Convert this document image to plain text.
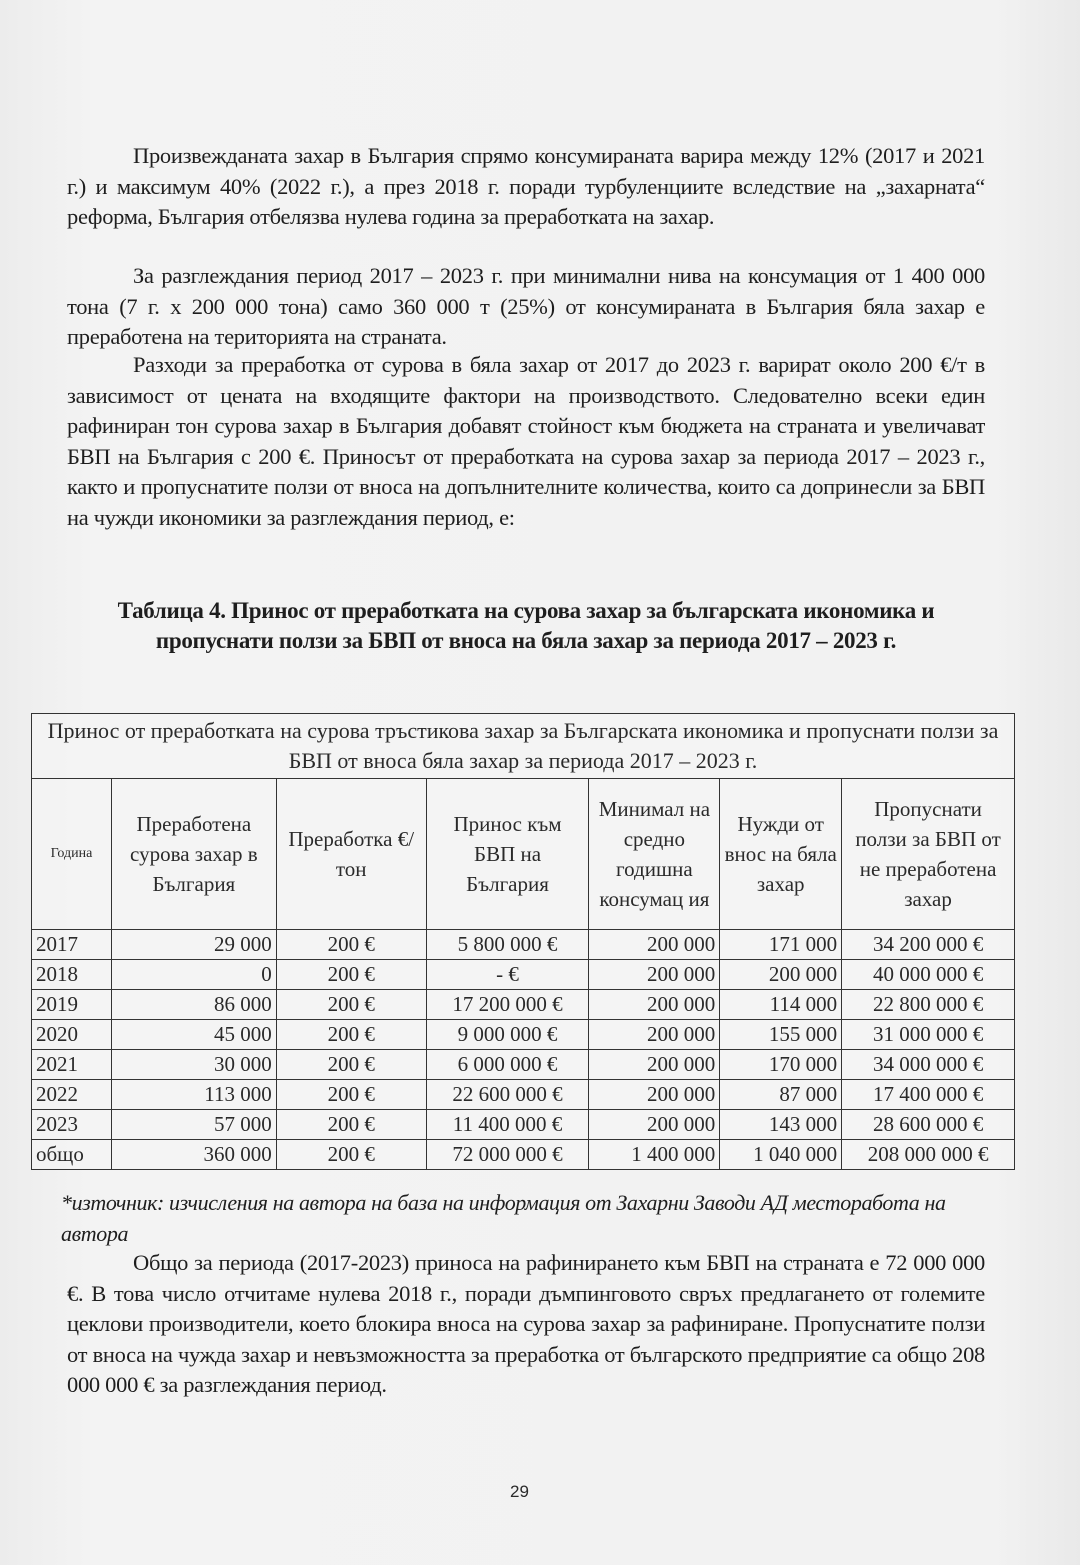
Произвежданата захар в България спрямо консумираната варира между 12% (2017 и 2021 г.) и максимум 40% (2022 г.), а през 2018 г. поради турбуленциите вследствие на „захарната“ реформа, България отбелязва нулева година за преработката на захар.

За разглеждания период 2017 – 2023 г. при минимални нива на консумация от 1 400 000 тона (7 г. х 200 000 тона) само 360 000 т (25%) от консумираната в България бяла захар е преработена на територията на страната.

Разходи за преработка от сурова в бяла захар от 2017 до 2023 г. варират около 200 €/т в зависимост от цената на входящите фактори на производството. Следователно всеки един рафиниран тон сурова захар в България добавят стойност към бюджета на страната и увеличават БВП на България с 200 €. Приносът от преработката на сурова захар за периода 2017 – 2023 г., както и пропуснатите ползи от вноса на допълнителните количества, които са допринесли за БВП на чужди икономики за разглеждания период, е:

Таблица 4. Принос от преработката на сурова захар за българската икономика и пропуснати ползи за БВП от вноса на бяла захар за периода 2017 – 2023 г.
Принос от преработката на сурова тръстикова захар за Българската икономика и пропуснати ползи за БВП от вноса бяла захар за периода 2017 – 2023 г.						
Година	Преработена сурова захар в България	Преработка €/тон	Принос към БВП на България	Минимал на средно годишна консумац ия	Нужди от внос на бяла захар	Пропуснати ползи за БВП от не преработена захар
2017	29 000	200 €	5 800 000 €	200 000	171 000	34 200 000 €
2018	0	200 €	- €	200 000	200 000	40 000 000 €
2019	86 000	200 €	17 200 000 €	200 000	114 000	22 800 000 €
2020	45 000	200 €	9 000 000 €	200 000	155 000	31 000 000 €
2021	30 000	200 €	6 000 000 €	200 000	170 000	34 000 000 €
2022	113 000	200 €	22 600 000 €	200 000	87 000	17 400 000 €
2023	57 000	200 €	11 400 000 €	200 000	143 000	28 600 000 €
общо	360 000	200 €	72 000 000 €	1 400 000	1 040 000	208 000 000 €
*източник: изчисления на автора на база на информация от Захарни Заводи АД месторабота на автора

Общо за периода (2017-2023) приноса на рафинирането към БВП на страната е 72 000 000 €. В това число отчитаме нулева 2018 г., поради дъмпинговото свръх предлагането от големите цеклови производители, което блокира вноса на сурова захар за рафиниране. Пропуснатите ползи от вноса на чужда захар и невъзможността за преработка от българското предприятие са общо 208 000 000 € за разглеждания период.

29
